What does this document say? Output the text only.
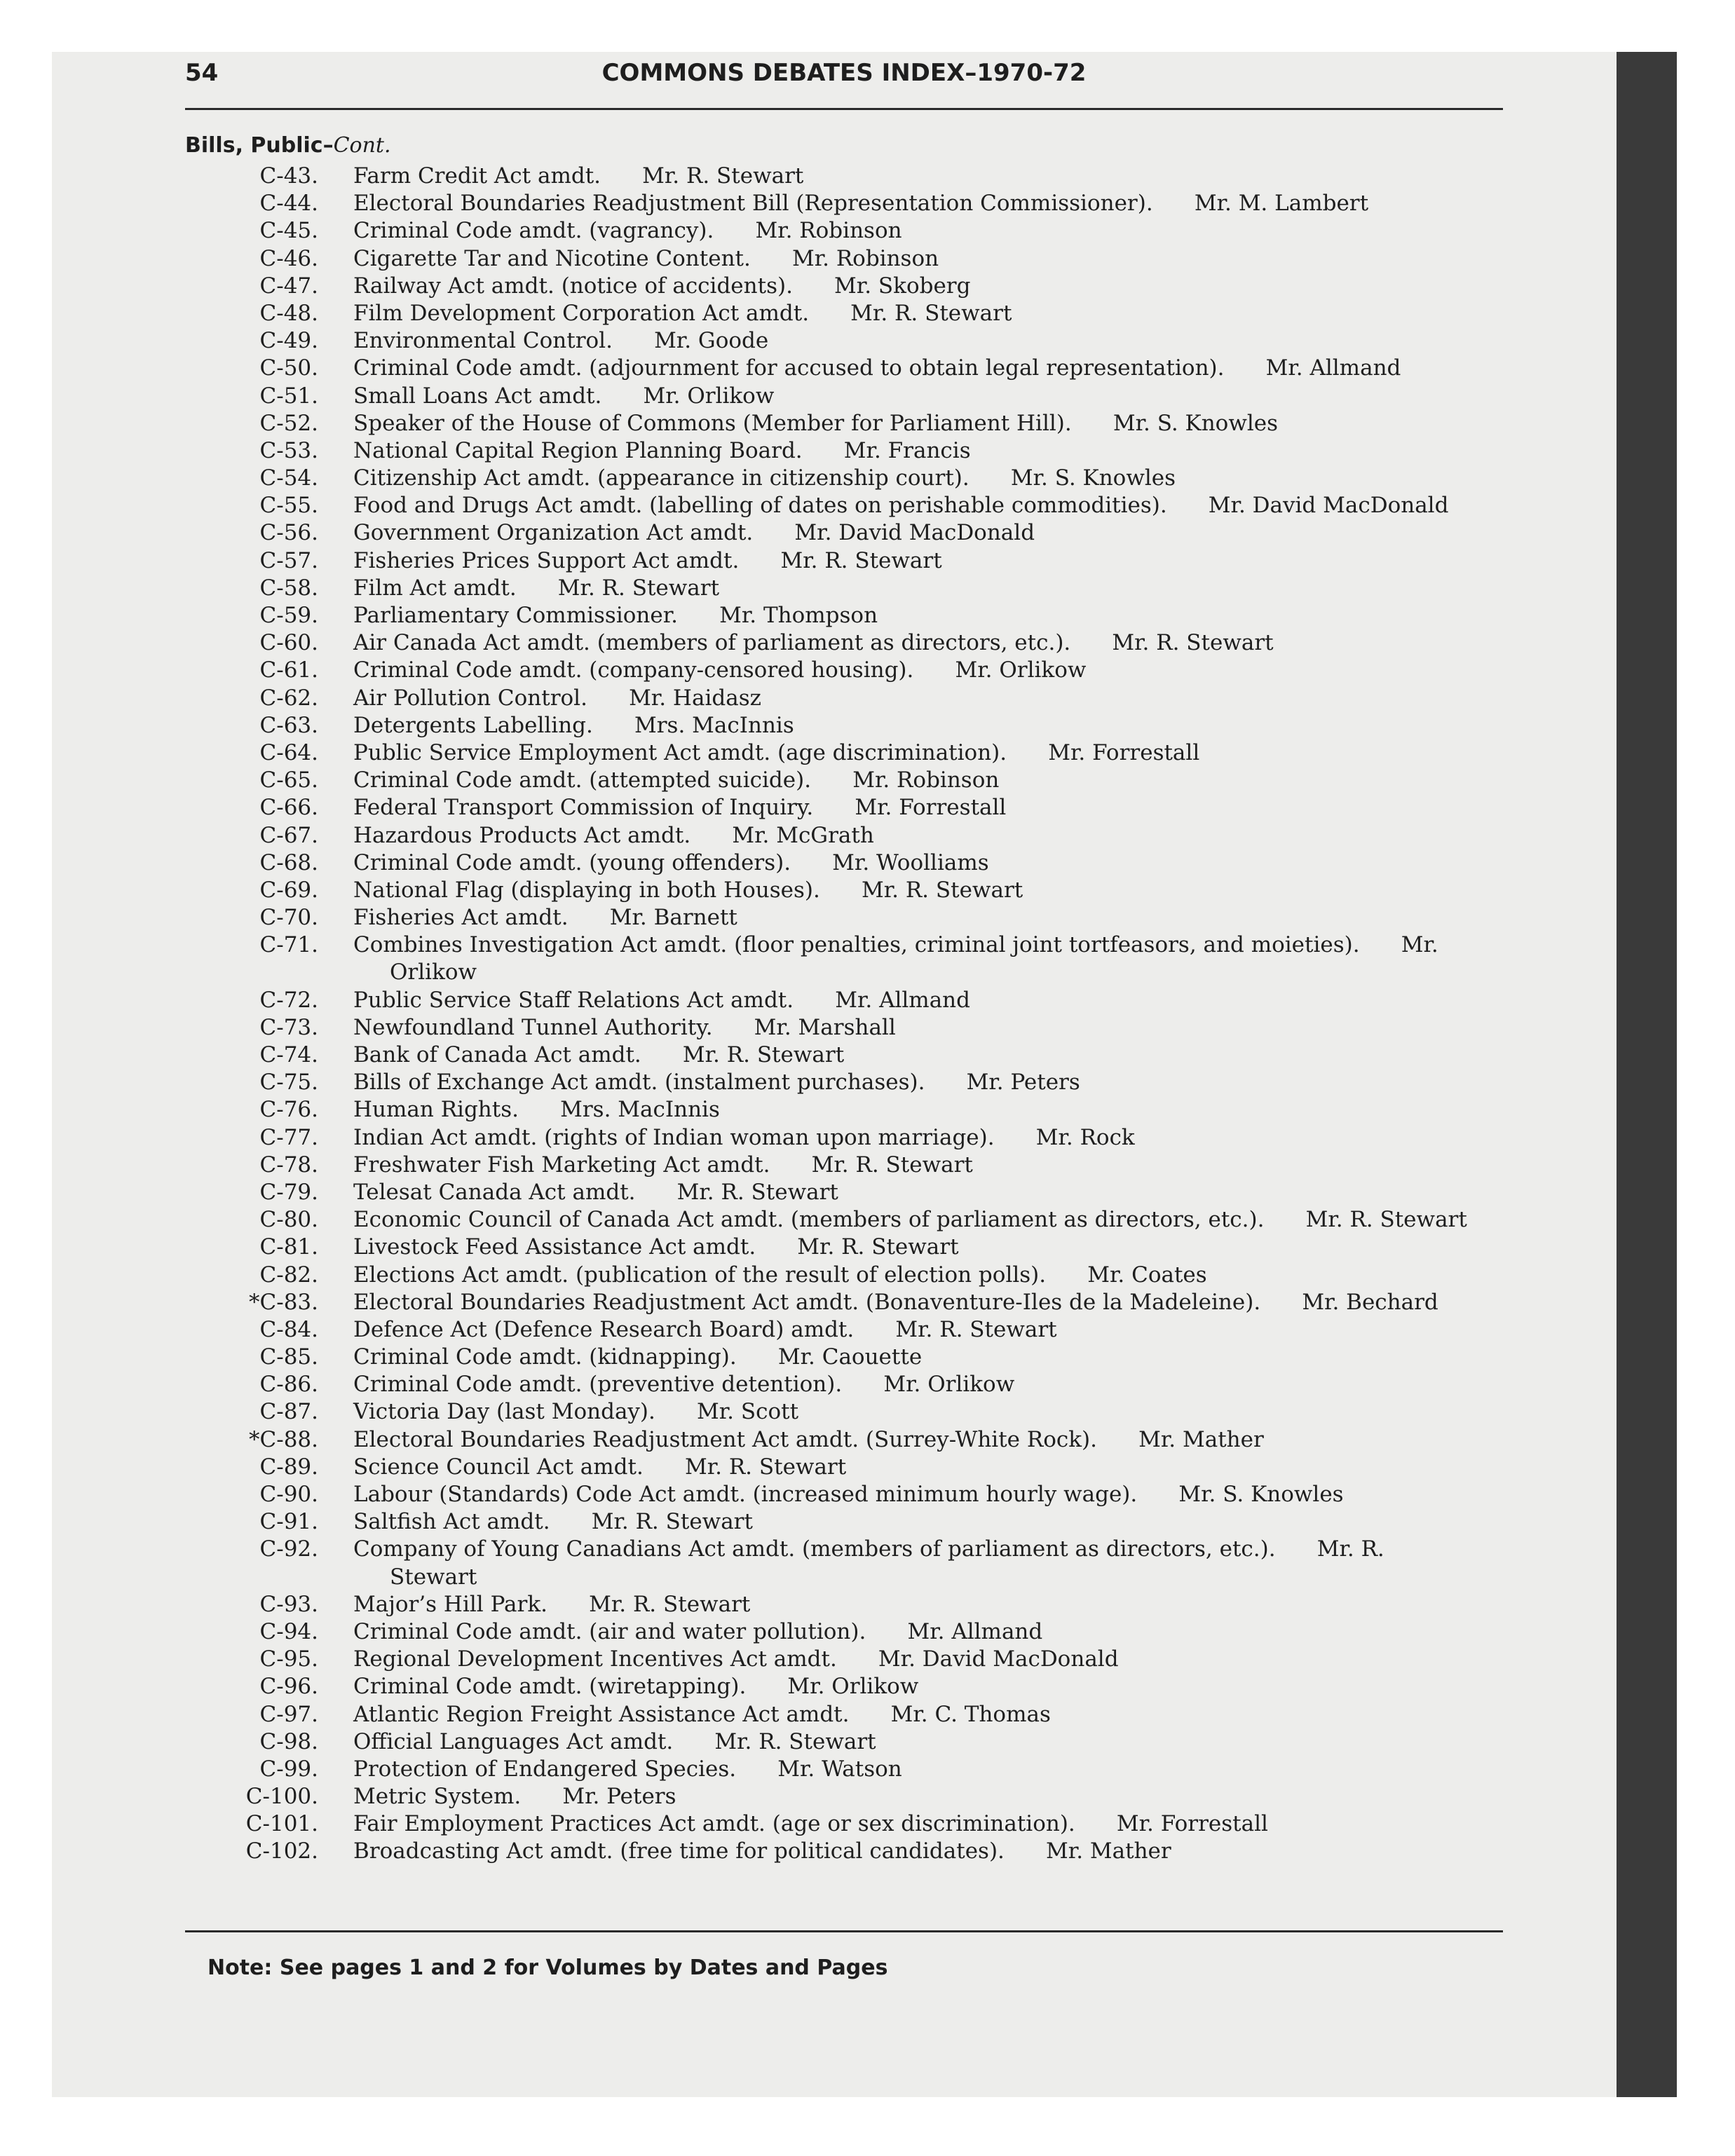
54	COMMONS DEBATES INDEX–1970-72
Bills, Public–Cont.
C-43. Farm Credit Act amdt.      Mr. R. Stewart
C-44. Electoral Boundaries Readjustment Bill (Representation Commissioner).      Mr. M. Lambert
C-45. Criminal Code amdt. (vagrancy).      Mr. Robinson
C-46. Cigarette Tar and Nicotine Content.      Mr. Robinson
C-47. Railway Act amdt. (notice of accidents).      Mr. Skoberg
C-48. Film Development Corporation Act amdt.      Mr. R. Stewart
C-49. Environmental Control.      Mr. Goode
C-50. Criminal Code amdt. (adjournment for accused to obtain legal representation).      Mr. Allmand
C-51. Small Loans Act amdt.      Mr. Orlikow
C-52. Speaker of the House of Commons (Member for Parliament Hill).      Mr. S. Knowles
C-53. National Capital Region Planning Board.      Mr. Francis
C-54. Citizenship Act amdt. (appearance in citizenship court).      Mr. S. Knowles
C-55. Food and Drugs Act amdt. (labelling of dates on perishable commodities).      Mr. David MacDonald
C-56. Government Organization Act amdt.      Mr. David MacDonald
C-57. Fisheries Prices Support Act amdt.      Mr. R. Stewart
C-58. Film Act amdt.      Mr. R. Stewart
C-59. Parliamentary Commissioner.      Mr. Thompson
C-60. Air Canada Act amdt. (members of parliament as directors, etc.).      Mr. R. Stewart
C-61. Criminal Code amdt. (company-censored housing).      Mr. Orlikow
C-62. Air Pollution Control.      Mr. Haidasz
C-63. Detergents Labelling.      Mrs. MacInnis
C-64. Public Service Employment Act amdt. (age discrimination).      Mr. Forrestall
C-65. Criminal Code amdt. (attempted suicide).      Mr. Robinson
C-66. Federal Transport Commission of Inquiry.      Mr. Forrestall
C-67. Hazardous Products Act amdt.      Mr. McGrath
C-68. Criminal Code amdt. (young offenders).      Mr. Woolliams
C-69. National Flag (displaying in both Houses).      Mr. R. Stewart
C-70. Fisheries Act amdt.      Mr. Barnett
C-71. Combines Investigation Act amdt. (floor penalties, criminal joint tortfeasors, and moieties).      Mr.
Orlikow
C-72. Public Service Staff Relations Act amdt.      Mr. Allmand
C-73. Newfoundland Tunnel Authority.      Mr. Marshall
C-74. Bank of Canada Act amdt.      Mr. R. Stewart
C-75. Bills of Exchange Act amdt. (instalment purchases).      Mr. Peters
C-76. Human Rights.      Mrs. MacInnis
C-77. Indian Act amdt. (rights of Indian woman upon marriage).      Mr. Rock
C-78. Freshwater Fish Marketing Act amdt.      Mr. R. Stewart
C-79. Telesat Canada Act amdt.      Mr. R. Stewart
C-80. Economic Council of Canada Act amdt. (members of parliament as directors, etc.).      Mr. R. Stewart
C-81. Livestock Feed Assistance Act amdt.      Mr. R. Stewart
C-82. Elections Act amdt. (publication of the result of election polls).      Mr. Coates
*C-83. Electoral Boundaries Readjustment Act amdt. (Bonaventure-Iles de la Madeleine).      Mr. Bechard
C-84. Defence Act (Defence Research Board) amdt.      Mr. R. Stewart
C-85. Criminal Code amdt. (kidnapping).      Mr. Caouette
C-86. Criminal Code amdt. (preventive detention).      Mr. Orlikow
C-87. Victoria Day (last Monday).      Mr. Scott
*C-88. Electoral Boundaries Readjustment Act amdt. (Surrey-White Rock).      Mr. Mather
C-89. Science Council Act amdt.      Mr. R. Stewart
C-90. Labour (Standards) Code Act amdt. (increased minimum hourly wage).      Mr. S. Knowles
C-91. Saltfish Act amdt.      Mr. R. Stewart
C-92. Company of Young Canadians Act amdt. (members of parliament as directors, etc.).      Mr. R.
Stewart
C-93. Major’s Hill Park.      Mr. R. Stewart
C-94. Criminal Code amdt. (air and water pollution).      Mr. Allmand
C-95. Regional Development Incentives Act amdt.      Mr. David MacDonald
C-96. Criminal Code amdt. (wiretapping).      Mr. Orlikow
C-97. Atlantic Region Freight Assistance Act amdt.      Mr. C. Thomas
C-98. Official Languages Act amdt.      Mr. R. Stewart
C-99. Protection of Endangered Species.      Mr. Watson
C-100. Metric System.      Mr. Peters
C-101. Fair Employment Practices Act amdt. (age or sex discrimination).      Mr. Forrestall
C-102. Broadcasting Act amdt. (free time for political candidates).      Mr. Mather
Note: See pages 1 and 2 for Volumes by Dates and Pages
